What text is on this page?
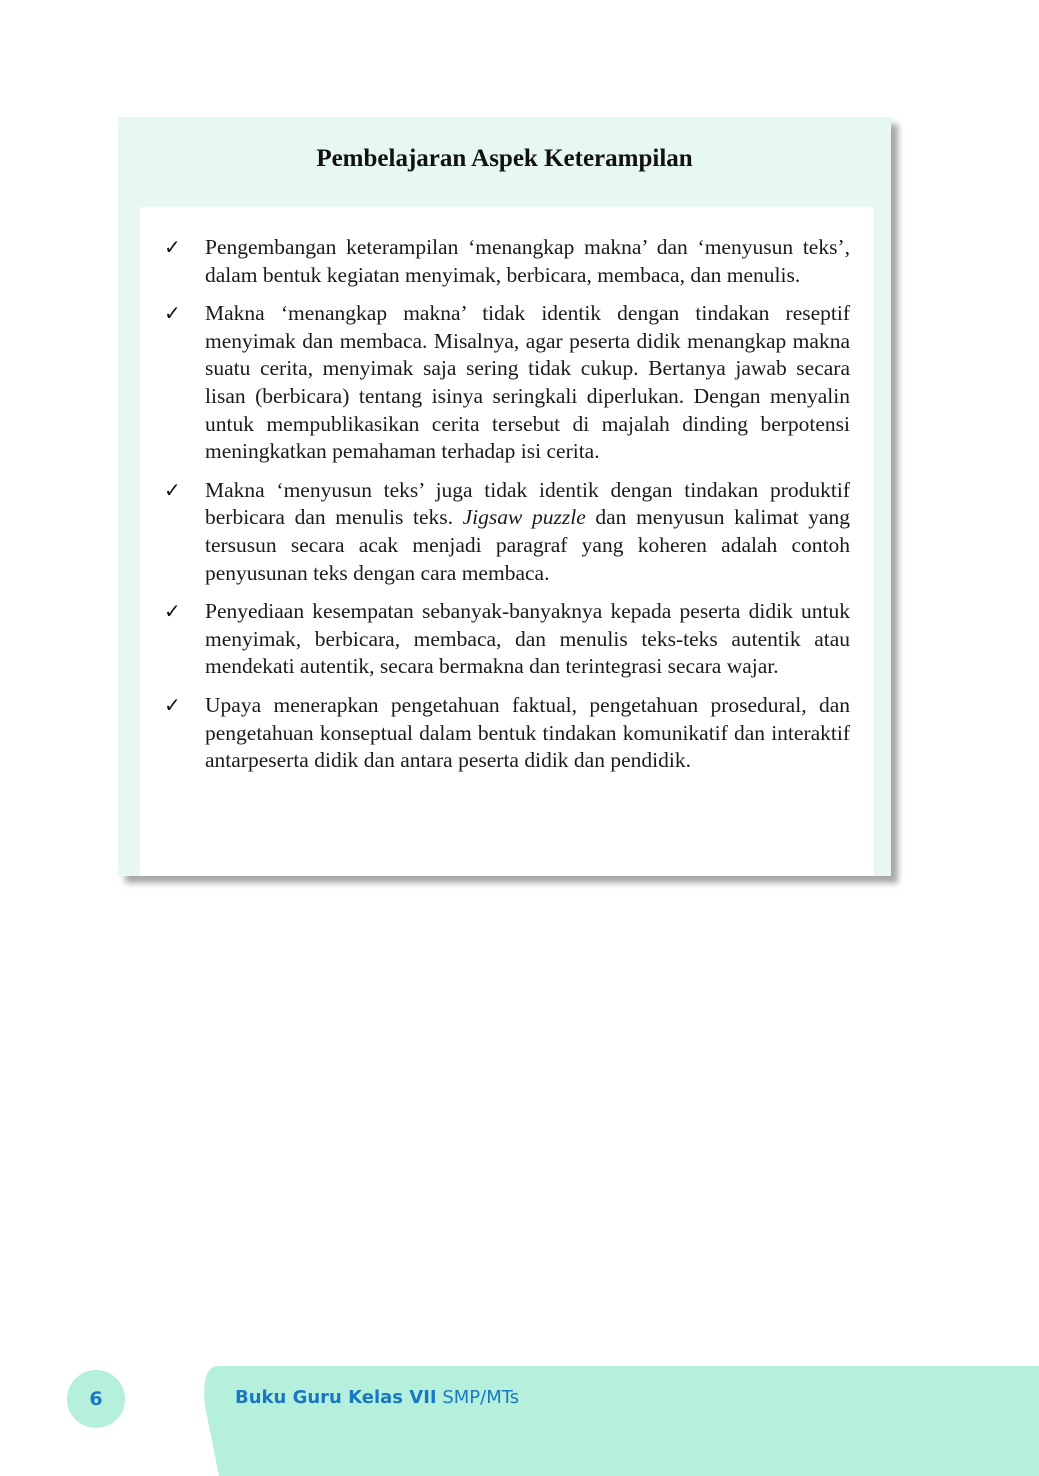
Pembelajaran Aspek Keterampilan
✓ Pengembangan keterampilan ‘menangkap makna’ dan ‘menyusun teks’, dalam bentuk kegiatan menyimak, berbicara, membaca, dan menulis.
✓ Makna ‘menangkap makna’ tidak identik dengan tindakan reseptif menyimak dan membaca. Misalnya, agar peserta didik menangkap makna suatu cerita, menyimak saja sering tidak cukup. Bertanya jawab secara lisan (berbicara) tentang isinya seringkali diperlukan. Dengan menyalin untuk mempublikasikan cerita tersebut di majalah dinding berpotensi meningkatkan pemahaman terhadap isi cerita.
✓ Makna ‘menyusun teks’ juga tidak identik dengan tindakan produktif berbicara dan menulis teks. Jigsaw puzzle dan menyusun kalimat yang tersusun secara acak menjadi paragraf yang koheren adalah contoh penyusunan teks dengan cara membaca.
✓ Penyediaan kesempatan sebanyak-banyaknya kepada peserta didik untuk menyimak, berbicara, membaca, dan menulis teks-teks autentik atau mendekati autentik, secara bermakna dan terintegrasi secara wajar.
✓ Upaya menerapkan pengetahuan faktual, pengetahuan prosedural, dan pengetahuan konseptual dalam bentuk tindakan komunikatif dan interaktif antarpeserta didik dan antara peserta didik dan pendidik.
6	Buku Guru Kelas VII SMP/MTs
